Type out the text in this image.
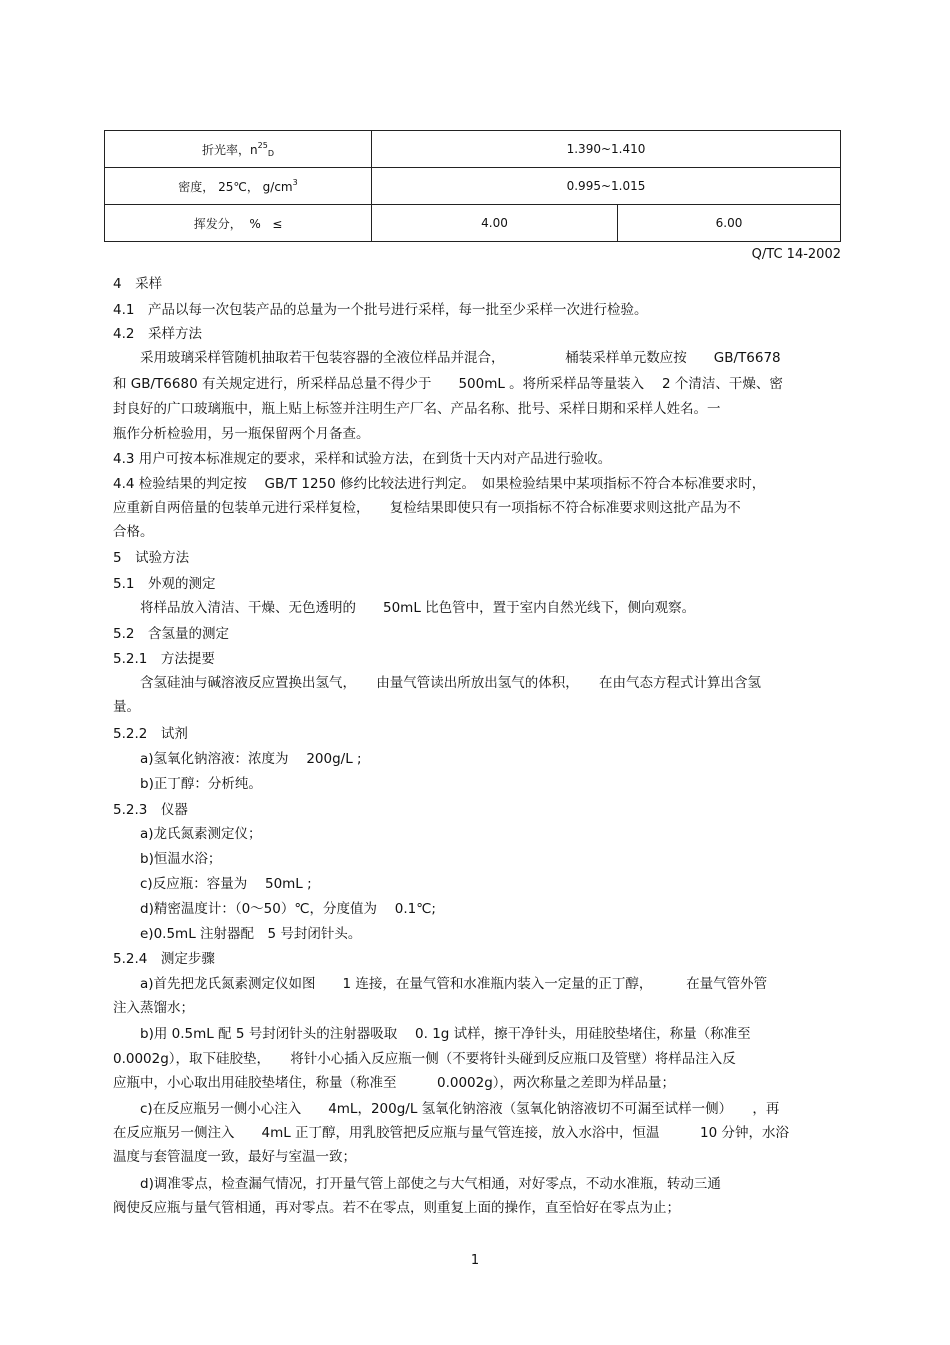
折光率，$n^{25}_D$	1.390~1.410	
密度， 25℃， $g/cm^3$	0.995~1.015	
挥发分，  %   ≤	4.00	6.00
Q/TC 14-2002
4　采样
4.1　产品以每一次包装产品的总量为一个批号进行采样，每一批至少采样一次进行检验。
4.2　采样方法
　　采用玻璃采样管随机抽取若干包装容器的全液位样品并混合，　　　　　桶装采样单元数应按　　GB/T6678
和 GB/T6680 有关规定进行，所采样品总量不得少于　　500mL 。将所采样品等量装入　 2 个清洁、干燥、密
封良好的广口玻璃瓶中，瓶上贴上标签并注明生产厂名、产品名称、批号、采样日期和采样人姓名。一
瓶作分析检验用，另一瓶保留两个月备查。
4.3 用户可按本标准规定的要求，采样和试验方法，在到货十天内对产品进行验收。
4.4 检验结果的判定按　 GB/T 1250 修约比较法进行判定。　如果检验结果中某项指标不符合本标准要求时，
应重新自两倍量的包装单元进行采样复检，　　复检结果即使只有一项指标不符合标准要求则这批产品为不
合格。
5　试验方法
5.1　外观的测定
　　将样品放入清洁、干燥、无色透明的　　50mL 比色管中，置于室内自然光线下，侧向观察。
5.2　含氢量的测定
5.2.1　方法提要
　　含氢硅油与碱溶液反应置换出氢气，　　由量气管读出所放出氢气的体积，　　在由气态方程式计算出含氢
量。
5.2.2　试剂
　　a)氢氧化钠溶液：浓度为　 200g/L ;
　　b)正丁醇：分析纯。
5.2.3　仪器
　　a)龙氏氮素测定仪；
　　b)恒温水浴；
　　c)反应瓶：容量为　 50mL ;
　　d)精密温度计：（0～50）℃，分度值为　 0.1℃;
　　e)0.5mL 注射器配　5 号封闭针头。
5.2.4　测定步骤
　　a)首先把龙氏氮素测定仪如图　　1 连接，在量气管和水准瓶内装入一定量的正丁醇，　　　在量气管外管
注入蒸馏水；
　　b)用 0.5mL 配 5 号封闭针头的注射器吸取　 0. 1g 试样，擦干净针头，用硅胶垫堵住，称量（称准至
0.0002g），取下硅胶垫，　　将针小心插入反应瓶一侧（不要将针头碰到反应瓶口及管壁）将样品注入反
应瓶中，小心取出用硅胶垫堵住，称量（称准至　　　0.0002g），两次称量之差即为样品量；
　　c)在反应瓶另一侧小心注入　　4mL，200g/L 氢氧化钠溶液（氢氧化钠溶液切不可漏至试样一侧）　　，再
在反应瓶另一侧注入　　4mL 正丁醇，用乳胶管把反应瓶与量气管连接，放入水浴中，恒温　　　10 分钟，水浴
温度与套管温度一致，最好与室温一致；
　　d)调准零点，检查漏气情况，打开量气管上部使之与大气相通，对好零点，不动水准瓶，转动三通
阀使反应瓶与量气管相通，再对零点。若不在零点，则重复上面的操作，直至恰好在零点为止；
1
